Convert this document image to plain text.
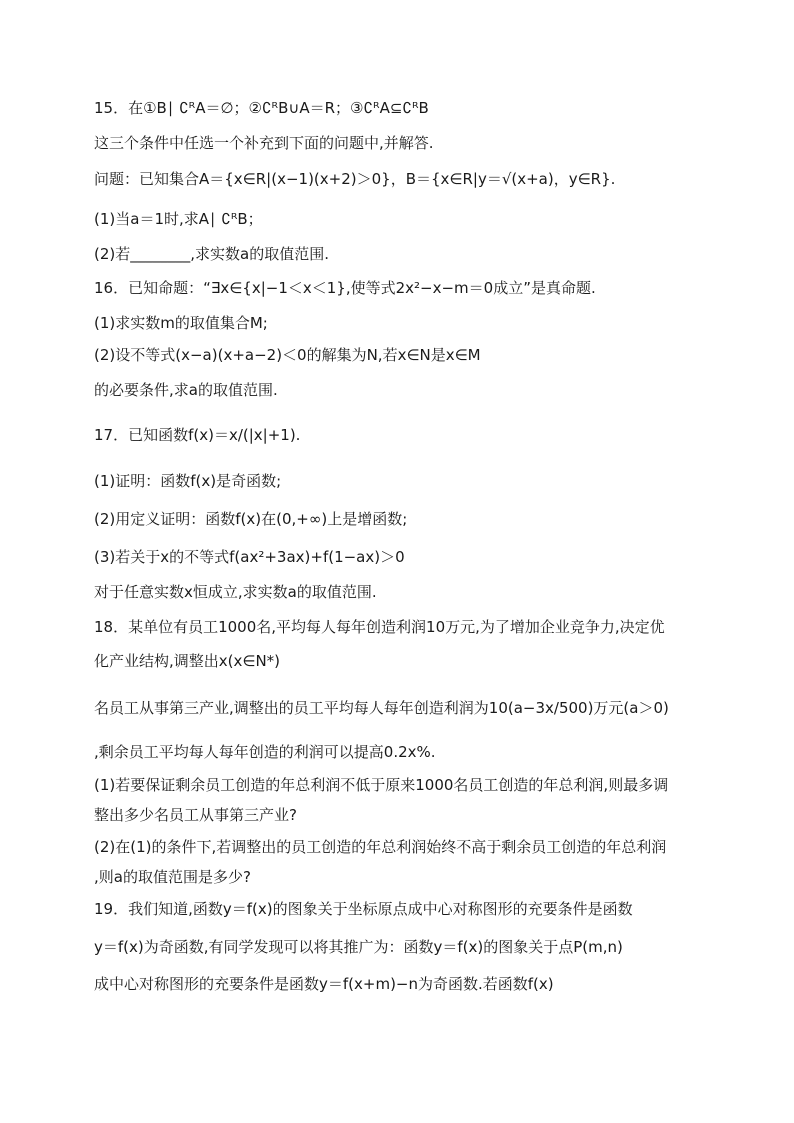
15．在①B∣ ∁ᴿA＝∅；②∁ᴿB∪A＝R；③∁ᴿA⊆∁ᴿB
这三个条件中任选一个补充到下面的问题中,并解答.
问题：已知集合A＝{x∈R|(x−1)(x+2)＞0}，B＝{x∈R|y＝√(x+a)，y∈R}.
(1)当a＝1时,求A∣ ∁ᴿB；
(2)若________,求实数a的取值范围.
16．已知命题：“∃x∈{x|−1＜x＜1},使等式2x²−x−m＝0成立”是真命题.
(1)求实数m的取值集合M;
(2)设不等式(x−a)(x+a−2)＜0的解集为N,若x∈N是x∈M
的必要条件,求a的取值范围.
17．已知函数f(x)＝x/(|x|+1).
(1)证明：函数f(x)是奇函数;
(2)用定义证明：函数f(x)在(0,+∞)上是增函数;
(3)若关于x的不等式f(ax²+3ax)+f(1−ax)＞0
对于任意实数x恒成立,求实数a的取值范围.
18．某单位有员工1000名,平均每人每年创造利润10万元,为了增加企业竞争力,决定优
化产业结构,调整出x(x∈N*)
名员工从事第三产业,调整出的员工平均每人每年创造利润为10(a−3x/500)万元(a＞0)
,剩余员工平均每人每年创造的利润可以提高0.2x%.
(1)若要保证剩余员工创造的年总利润不低于原来1000名员工创造的年总利润,则最多调
整出多少名员工从事第三产业?
(2)在(1)的条件下,若调整出的员工创造的年总利润始终不高于剩余员工创造的年总利润
,则a的取值范围是多少?
19．我们知道,函数y＝f(x)的图象关于坐标原点成中心对称图形的充要条件是函数
y＝f(x)为奇函数,有同学发现可以将其推广为：函数y＝f(x)的图象关于点P(m,n)
成中心对称图形的充要条件是函数y＝f(x+m)−n为奇函数.若函数f(x)
